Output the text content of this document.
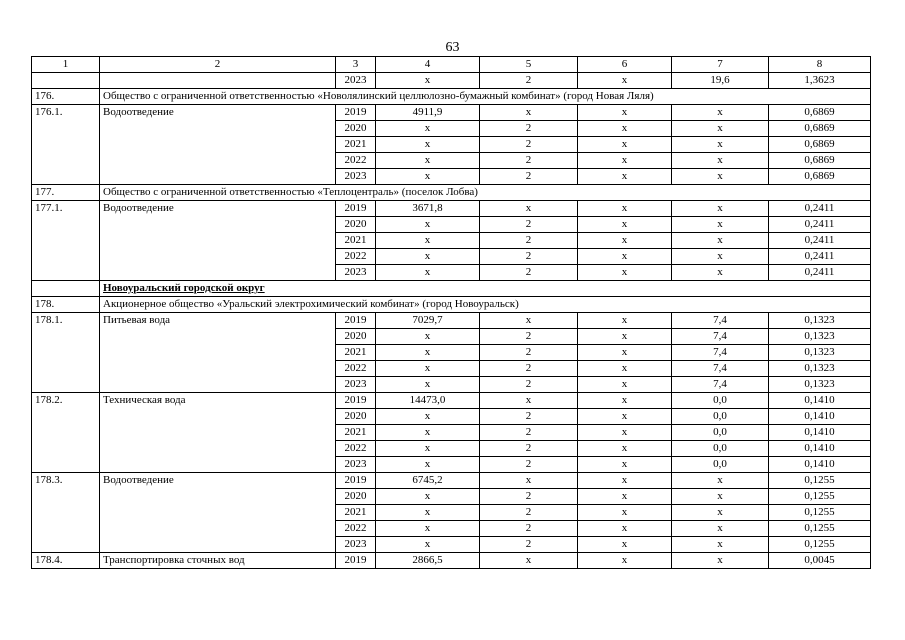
63
1	2	3	4	5	6	7	8
		2023	x	2	x	19,6	1,3623
176.	Общество с ограниченной ответственностью «Новолялинский целлюлозно-бумажный комбинат» (город Новая Ляля)						
176.1.	Водоотведение	2019	4911,9	x	x	x	0,6869
		2020	x	2	x	x	0,6869
		2021	x	2	x	x	0,6869
		2022	x	2	x	x	0,6869
		2023	x	2	x	x	0,6869
177.	Общество с ограниченной ответственностью «Теплоцентраль» (поселок Лобва)						
177.1.	Водоотведение	2019	3671,8	x	x	x	0,2411
		2020	x	2	x	x	0,2411
		2021	x	2	x	x	0,2411
		2022	x	2	x	x	0,2411
		2023	x	2	x	x	0,2411
	Новоуральский городской округ						
178.	Акционерное общество «Уральский электрохимический комбинат» (город Новоуральск)						
178.1.	Питьевая вода	2019	7029,7	x	x	7,4	0,1323
		2020	x	2	x	7,4	0,1323
		2021	x	2	x	7,4	0,1323
		2022	x	2	x	7,4	0,1323
		2023	x	2	x	7,4	0,1323
178.2.	Техническая вода	2019	14473,0	x	x	0,0	0,1410
		2020	x	2	x	0,0	0,1410
		2021	x	2	x	0,0	0,1410
		2022	x	2	x	0,0	0,1410
		2023	x	2	x	0,0	0,1410
178.3.	Водоотведение	2019	6745,2	x	x	x	0,1255
		2020	x	2	x	x	0,1255
		2021	x	2	x	x	0,1255
		2022	x	2	x	x	0,1255
		2023	x	2	x	x	0,1255
178.4.	Транспортировка сточных вод	2019	2866,5	x	x	x	0,0045
